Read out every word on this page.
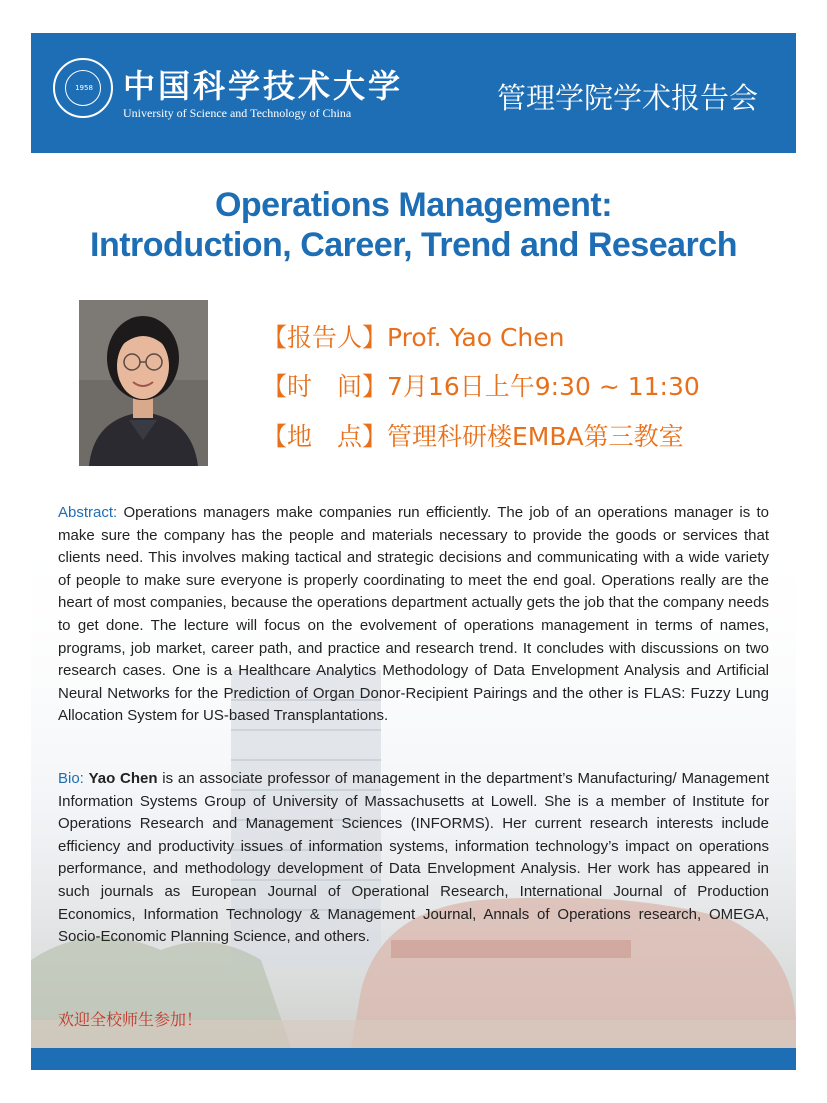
1958 中国科学技术大学
University of Science and Technology of China	管理学院学术报告会
Operations Management:
Introduction, Career, Trend and Research
【报告人】Prof. Yao Chen
【时　间】7月16日上午9:30 ~ 11:30
【地　点】管理科研楼EMBA第三教室
Abstract: Operations managers make companies run efficiently. The job of an operations manager is to make sure the company has the people and materials necessary to provide the goods or services that clients need. This involves making tactical and strategic decisions and communicating with a wide variety of people to make sure everyone is properly coordinating to meet the end goal. Operations really are the heart of most companies, because the operations department actually gets the job that the company needs to get done. The lecture will focus on the evolvement of operations management in terms of names, programs, job market, career path, and practice and research trend. It concludes with discussions on two research cases. One is a Healthcare Analytics Methodology of Data Envelopment Analysis and Artificial Neural Networks for the Prediction of Organ Donor-Recipient Pairings and the other is FLAS: Fuzzy Lung Allocation System for US-based Transplantations.
Bio: Yao Chen is an associate professor of management in the department’s Manufacturing/ Management Information Systems Group of University of Massachusetts at Lowell. She is a member of Institute for Operations Research and Management Sciences (INFORMS). Her current research interests include efficiency and productivity issues of information systems, information technology’s impact on operations performance, and methodology development of Data Envelopment Analysis. Her work has appeared in such journals as European Journal of Operational Research, International Journal of Production Economics, Information Technology & Management Journal, Annals of Operations research, OMEGA, Socio-Economic Planning Science, and others.
欢迎全校师生参加！
